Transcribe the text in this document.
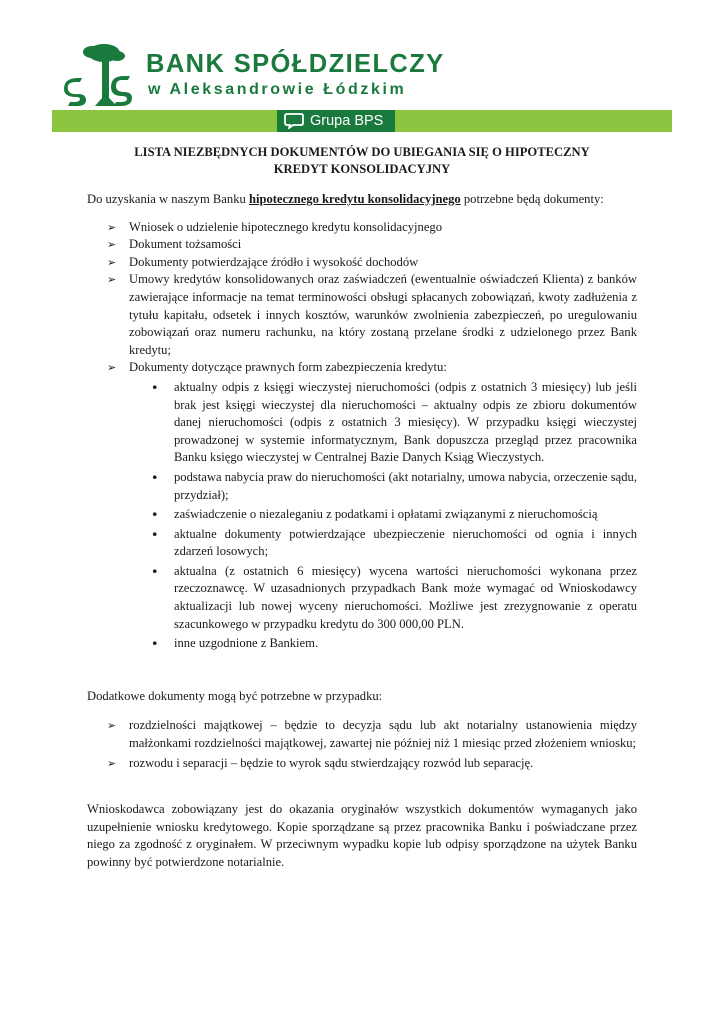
BANK SPÓŁDZIELCZY
w Aleksandrowie Łódzkim
Grupa BPS
LISTA NIEZBĘDNYCH DOKUMENTÓW DO UBIEGANIA SIĘ O HIPOTECZNY
KREDYT KONSOLIDACYJNY

Do uzyskania w naszym Banku hipotecznego kredytu konsolidacyjnego potrzebne będą dokumenty:

➢ Wniosek o udzielenie hipotecznego kredytu konsolidacyjnego
➢ Dokument tożsamości
➢ Dokumenty potwierdzające źródło i wysokość dochodów
➢ Umowy kredytów konsolidowanych oraz zaświadczeń (ewentualnie oświadczeń Klienta) z banków zawierające informacje na temat terminowości obsługi spłacanych zobowiązań, kwoty zadłużenia z tytułu kapitału, odsetek i innych kosztów, warunków zwolnienia zabezpieczeń, po uregulowaniu zobowiązań oraz numeru rachunku, na który zostaną przelane środki z udzielonego przez Bank kredytu;
➢ Dokumenty dotyczące prawnych form zabezpieczenia kredytu:
• aktualny odpis z księgi wieczystej nieruchomości (odpis z ostatnich 3 miesięcy) lub jeśli brak jest księgi wieczystej dla nieruchomości – aktualny odpis ze zbioru dokumentów danej nieruchomości (odpis z ostatnich 3 miesięcy). W przypadku księgi wieczystej prowadzonej w systemie informatycznym, Bank dopuszcza przegląd przez pracownika Banku księgo wieczystej w Centralnej Bazie Danych Ksiąg Wieczystych.
• podstawa nabycia praw do nieruchomości (akt notarialny, umowa nabycia, orzeczenie sądu, przydział);
• zaświadczenie o niezaleganiu z podatkami i opłatami związanymi z nieruchomością
• aktualne dokumenty potwierdzające ubezpieczenie nieruchomości od ognia i innych zdarzeń losowych;
• aktualna (z ostatnich 6 miesięcy) wycena wartości nieruchomości wykonana przez rzeczoznawcę. W uzasadnionych przypadkach Bank może wymagać od Wnioskodawcy aktualizacji lub nowej wyceny nieruchomości. Możliwe jest zrezygnowanie z operatu szacunkowego w przypadku kredytu do 300 000,00 PLN.
• inne uzgodnione z Bankiem.

Dodatkowe dokumenty mogą być potrzebne w przypadku:

➢ rozdzielności majątkowej – będzie to decyzja sądu lub akt notarialny ustanowienia między małżonkami rozdzielności majątkowej, zawartej nie później niż 1 miesiąc przed złożeniem wniosku;
➢ rozwodu i separacji – będzie to wyrok sądu stwierdzający rozwód lub separację.

Wnioskodawca zobowiązany jest do okazania oryginałów wszystkich dokumentów wymaganych jako uzupełnienie wniosku kredytowego. Kopie sporządzane są przez pracownika Banku i poświadczane przez niego za zgodność z oryginałem. W przeciwnym wypadku kopie lub odpisy sporządzone na użytek Banku powinny być potwierdzone notarialnie.
